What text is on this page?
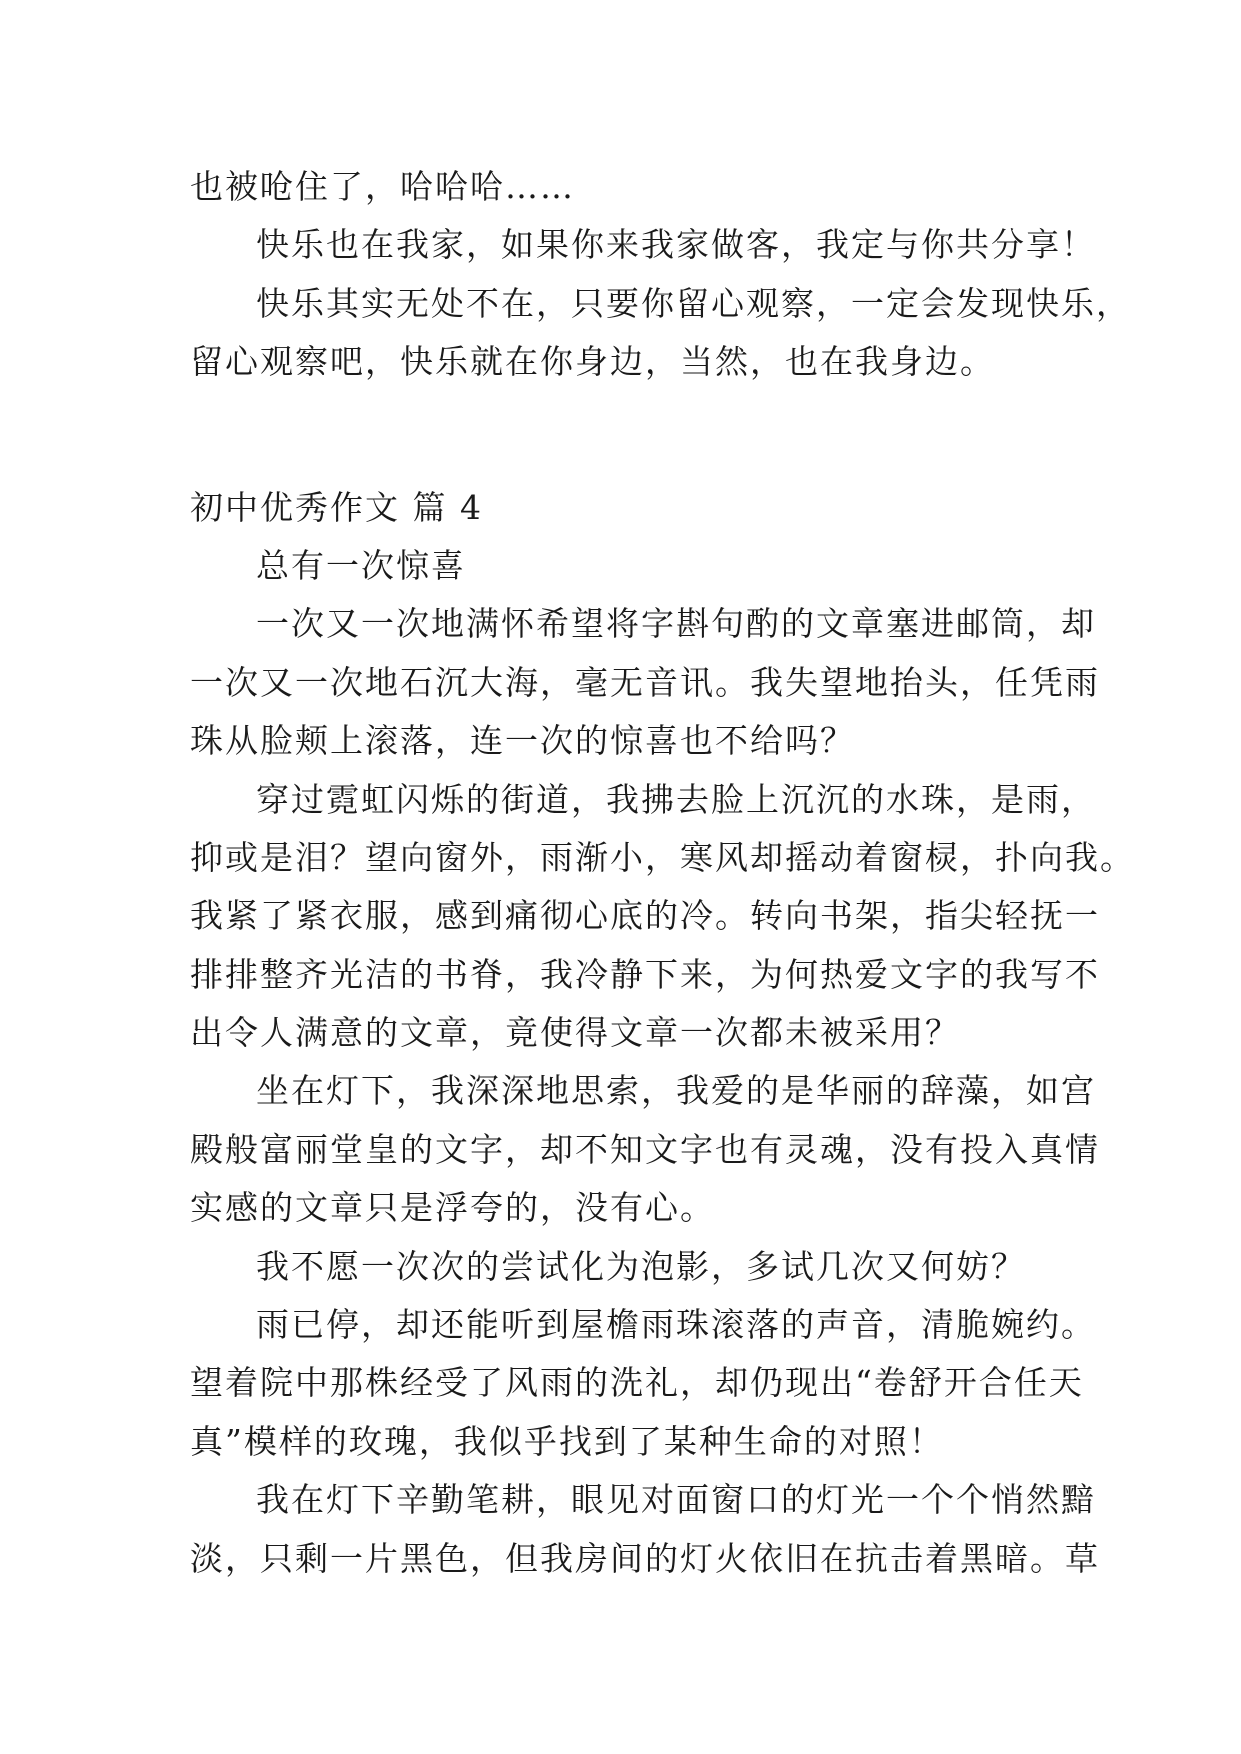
也被呛住了，哈哈哈……
快乐也在我家，如果你来我家做客，我定与你共分享！
快乐其实无处不在，只要你留心观察，一定会发现快乐，
留心观察吧，快乐就在你身边，当然，也在我身边。
初中优秀作文 篇 4
总有一次惊喜
一次又一次地满怀希望将字斟句酌的文章塞进邮筒，却
一次又一次地石沉大海，毫无音讯。我失望地抬头，任凭雨
珠从脸颊上滚落，连一次的惊喜也不给吗？
穿过霓虹闪烁的街道，我拂去脸上沉沉的水珠，是雨，
抑或是泪？望向窗外，雨渐小，寒风却摇动着窗棂，扑向我。
我紧了紧衣服，感到痛彻心底的冷。转向书架，指尖轻抚一
排排整齐光洁的书脊，我冷静下来，为何热爱文字的我写不
出令人满意的文章，竟使得文章一次都未被采用？
坐在灯下，我深深地思索，我爱的是华丽的辞藻，如宫
殿般富丽堂皇的文字，却不知文字也有灵魂，没有投入真情
实感的文章只是浮夸的，没有心。
我不愿一次次的尝试化为泡影，多试几次又何妨？
雨已停，却还能听到屋檐雨珠滚落的声音，清脆婉约。
望着院中那株经受了风雨的洗礼，却仍现出“卷舒开合任天
真”模样的玫瑰，我似乎找到了某种生命的对照！
我在灯下辛勤笔耕，眼见对面窗口的灯光一个个悄然黯
淡，只剩一片黑色，但我房间的灯火依旧在抗击着黑暗。草
